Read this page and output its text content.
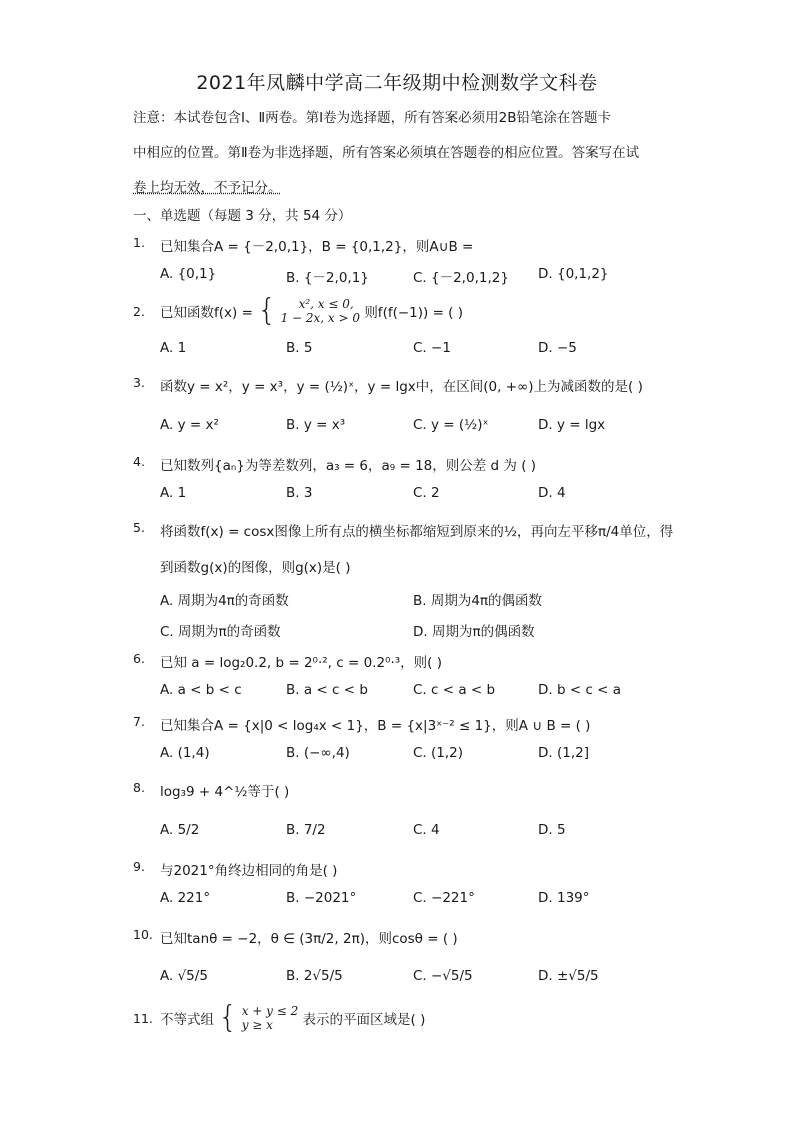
2021年凤麟中学高二年级期中检测数学文科卷
注意：本试卷包含Ⅰ、Ⅱ两卷。第Ⅰ卷为选择题，所有答案必须用2B铅笔涂在答题卡
中相应的位置。第Ⅱ卷为非选择题，所有答案必须填在答题卷的相应位置。答案写在试
卷上均无效，不予记分。
一、单选题（每题 3 分，共 54 分）
1.	已知集合A = {－2,0,1}，B = {0,1,2}，则A∪B =
A. {0,1}	B. {－2,0,1}	C. {－2,0,1,2} D. {0,1,2}
2.	已知函数f(x) = {	x², x ≤ 0,
1 − 2x, x > 0 则f(f(−1)) = ( )
A. 1	B. 5	C. −1	D. −5
3.	函数y = x²，y = x³，y = (½)ˣ，y = lgx中，在区间(0, +∞)上为减函数的是( )
A. y = x²	B. y = x³	C. y = (½)ˣ	D. y = lgx
4.	已知数列{aₙ}为等差数列，a₃ = 6，a₉ = 18，则公差 d 为 ( )
A. 1	B. 3	C. 2	D. 4
5.	将函数f(x) = cosx图像上所有点的横坐标都缩短到原来的½，再向左平移π/4单位，得
到函数g(x)的图像，则g(x)是( )
A. 周期为4π的奇函数	B. 周期为4π的偶函数
C. 周期为π的奇函数	D. 周期为π的偶函数
6.	已知 a = log₂0.2, b = 2⁰·², c = 0.2⁰·³，则( )
A. a < b < c	B. a < c < b	C. c < a < b	D. b < c < a
7.	已知集合A = {x|0 < log₄x < 1}，B = {x|3ˣ⁻² ≤ 1}，则A ∪ B = ( )
A. (1,4)	B. (−∞,4)	C. (1,2)	D. (1,2]
8.	log₃9 + 4^½等于( )
A. 5/2	B. 7/2	C. 4	D. 5
9.	与2021°角终边相同的角是( )
A. 221°	B. −2021°	C. −221°	D. 139°
10. 已知tanθ = −2，θ ∈ (3π/2, 2π)，则cosθ = ( )
A. √5/5	B. 2√5/5	C. −√5/5	D. ±√5/5
11. 不等式组 { x + y ≤ 2
y ≥ x	表示的平面区域是( )
